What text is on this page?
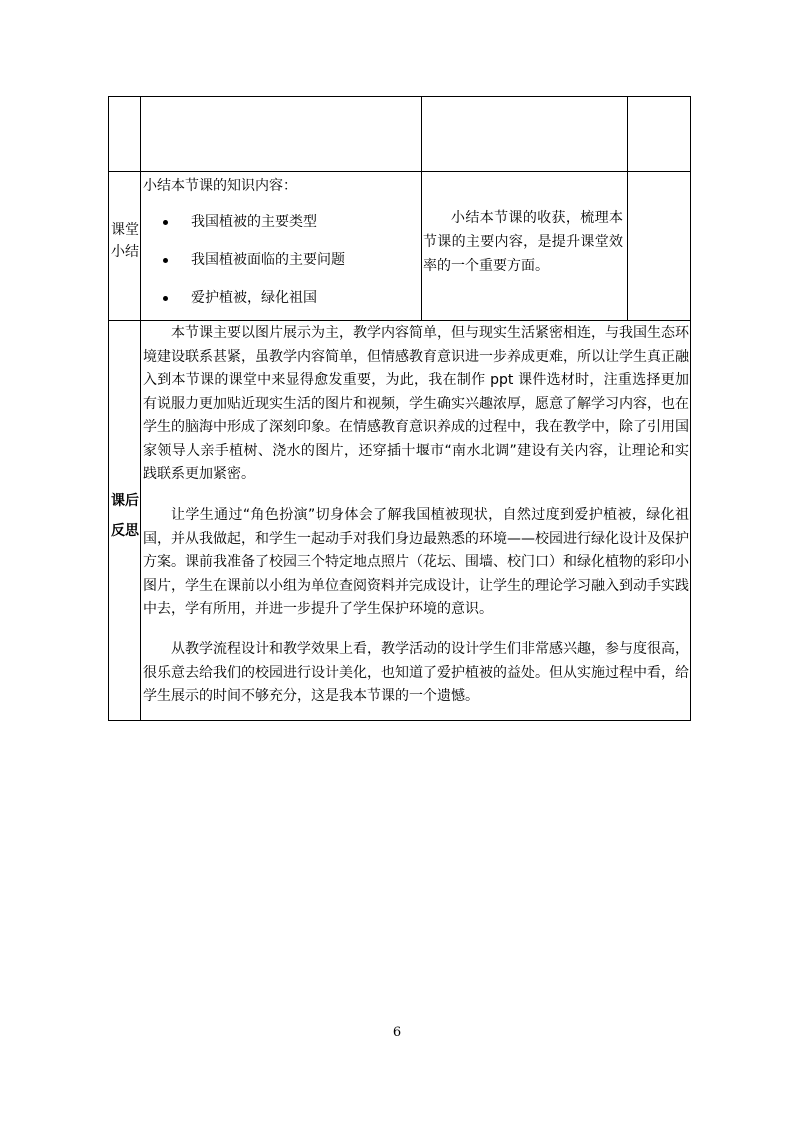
课堂
小结
小结本节课的知识内容：
我国植被的主要类型
我国植被面临的主要问题
爱护植被，绿化祖国

小结本节课的收获，梳理本节课的主要内容，是提升课堂效率的一个重要方面。

课后
反思

本节课主要以图片展示为主，教学内容简单，但与现实生活紧密相连，与我国生态环境建设联系甚紧，虽教学内容简单，但情感教育意识进一步养成更难，所以让学生真正融入到本节课的课堂中来显得愈发重要，为此，我在制作 ppt 课件选材时，注重选择更加有说服力更加贴近现实生活的图片和视频，学生确实兴趣浓厚，愿意了解学习内容，也在学生的脑海中形成了深刻印象。在情感教育意识养成的过程中，我在教学中，除了引用国家领导人亲手植树、浇水的图片，还穿插十堰市“南水北调”建设有关内容，让理论和实践联系更加紧密。

让学生通过“角色扮演”切身体会了解我国植被现状，自然过度到爱护植被，绿化祖国，并从我做起，和学生一起动手对我们身边最熟悉的环境——校园进行绿化设计及保护方案。课前我准备了校园三个特定地点照片（花坛、围墙、校门口）和绿化植物的彩印小图片，学生在课前以小组为单位查阅资料并完成设计，让学生的理论学习融入到动手实践中去，学有所用，并进一步提升了学生保护环境的意识。

从教学流程设计和教学效果上看，教学活动的设计学生们非常感兴趣，参与度很高，很乐意去给我们的校园进行设计美化，也知道了爱护植被的益处。但从实施过程中看，给学生展示的时间不够充分，这是我本节课的一个遗憾。

6
